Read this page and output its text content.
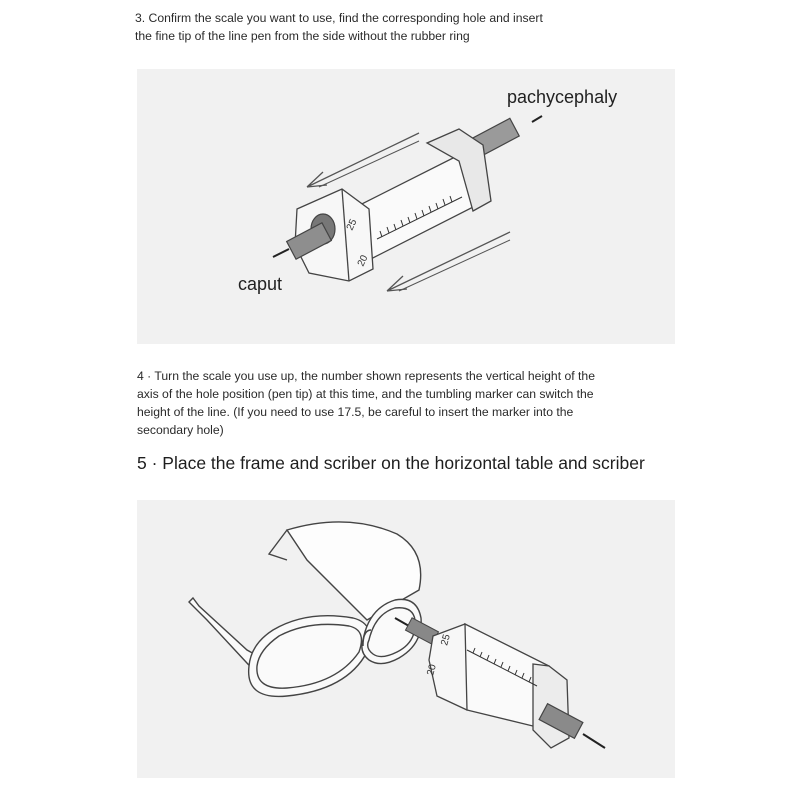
3. Confirm the scale you want to use, find the corresponding hole and insert
the fine tip of the line pen from the side without the rubber ring

25
20
pachycephaly
caput

4 · Turn the scale you use up, the number shown represents the vertical height of the
axis of the hole position (pen tip) at this time, and the tumbling marker can switch the
height of the line. (If you need to use 17.5, be careful to insert the marker into the
secondary hole)

5 · Place the frame and scriber on the horizontal table and scriber
20
25
